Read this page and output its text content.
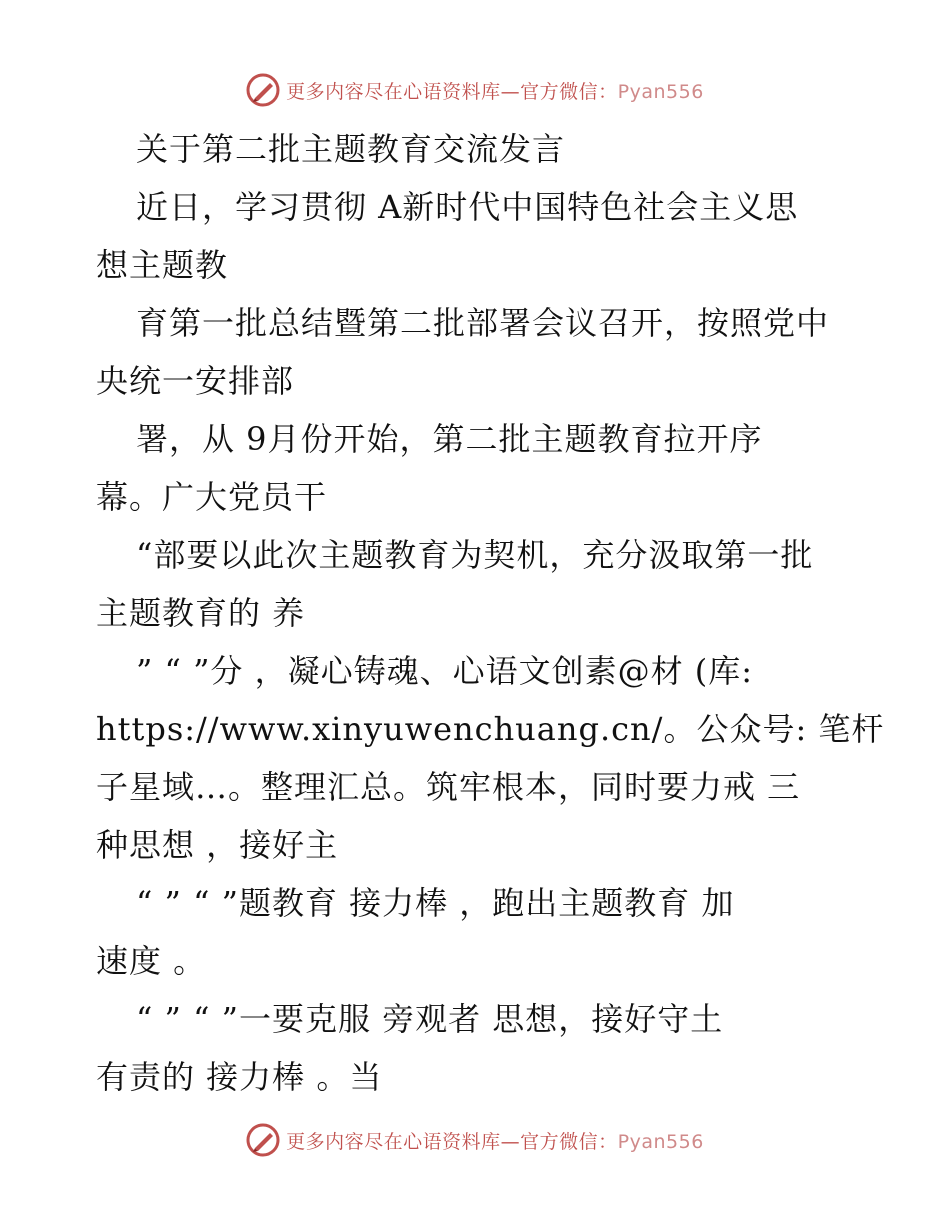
更多内容尽在心语资料库—官方微信：Pyan556
关于第二批主题教育交流发言
近日，学习贯彻 A新时代中国特色社会主义思
想主题教
育第一批总结暨第二批部署会议召开，按照党中
央统一安排部
署，从 9月份开始，第二批主题教育拉开序
幕。广大党员干
“部要以此次主题教育为契机，充分汲取第一批
主题教育的 养
” “ ”分 ，凝心铸魂、心语文创素@材 (库:
https://www.xinyuwenchuang.cn/。公众号: 笔杆
子星域…。整理汇总。筑牢根本，同时要力戒 三
种思想 ，接好主
“ ” “ ”题教育 接力棒 ，跑出主题教育 加
速度 。
“ ” “ ”一要克服 旁观者 思想，接好守土
有责的 接力棒 。当
更多内容尽在心语资料库—官方微信：Pyan556
